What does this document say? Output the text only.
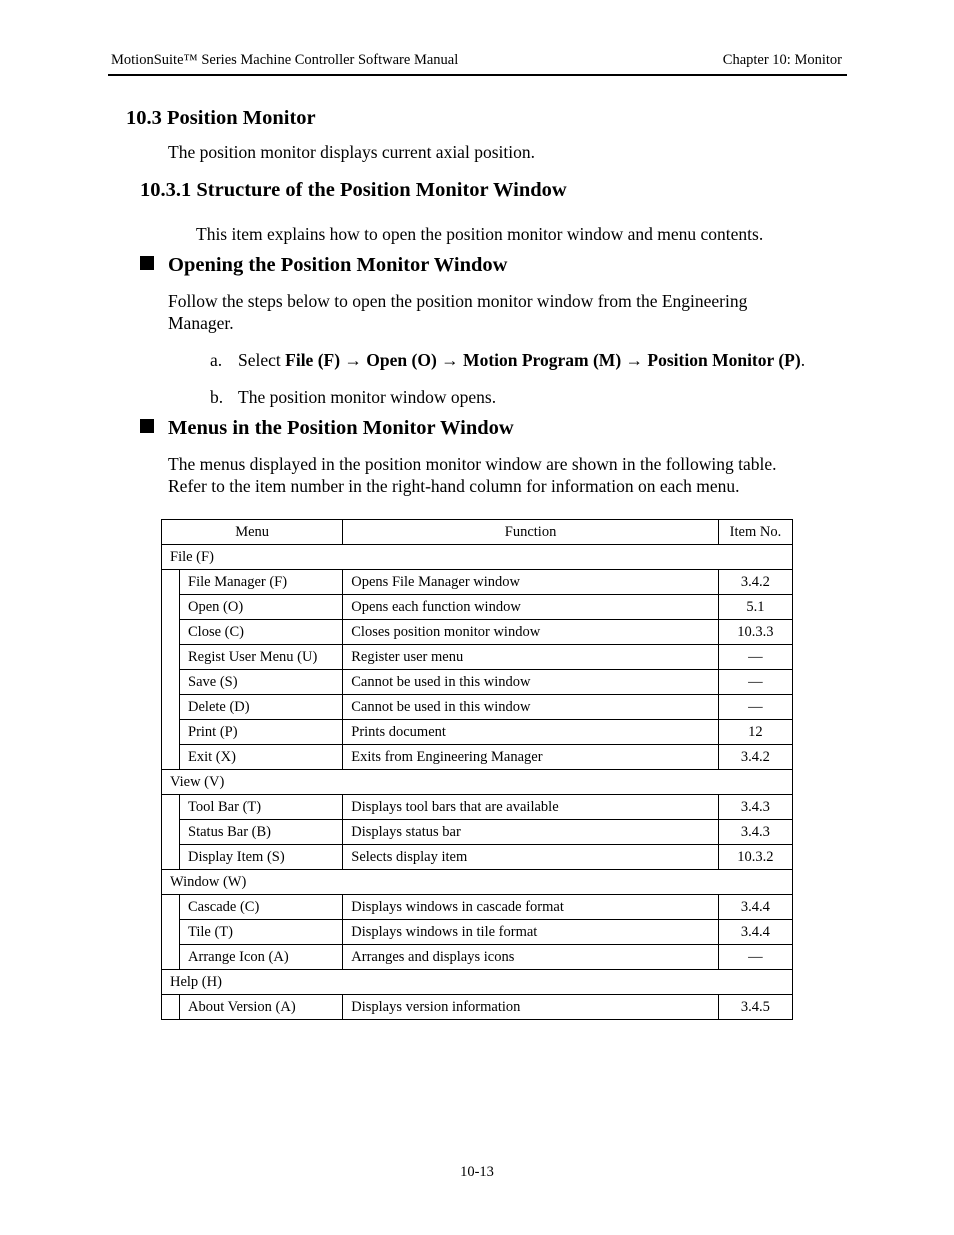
MotionSuite™ Series Machine Controller Software Manual	Chapter 10: Monitor
10.3 Position Monitor
The position monitor displays current axial position.
10.3.1 Structure of the Position Monitor Window
This item explains how to open the position monitor window and menu contents.
Opening the Position Monitor Window
Follow the steps below to open the position monitor window from the Engineering
Manager.
a. Select File (F) → Open (O) → Motion Program (M) → Position Monitor (P).
b. The position monitor window opens.
Menus in the Position Monitor Window
The menus displayed in the position monitor window are shown in the following table.
Refer to the item number in the right-hand column for information on each menu.
Menu		Function	Item No.
File (F)			
	File Manager (F)	Opens File Manager window	3.4.2
	Open (O)	Opens each function window	5.1
	Close (C)	Closes position monitor window	10.3.3
	Regist User Menu (U)	Register user menu	—
	Save (S)	Cannot be used in this window	—
	Delete (D)	Cannot be used in this window	—
	Print (P)	Prints document	12
	Exit (X)	Exits from Engineering Manager	3.4.2
View (V)			
	Tool Bar (T)	Displays tool bars that are available	3.4.3
	Status Bar (B)	Displays status bar	3.4.3
	Display Item (S)	Selects display item	10.3.2
Window (W)			
	Cascade (C)	Displays windows in cascade format	3.4.4
	Tile (T)	Displays windows in tile format	3.4.4
	Arrange Icon (A)	Arranges and displays icons	—
Help (H)			
	About Version (A)	Displays version information	3.4.5
10-13
